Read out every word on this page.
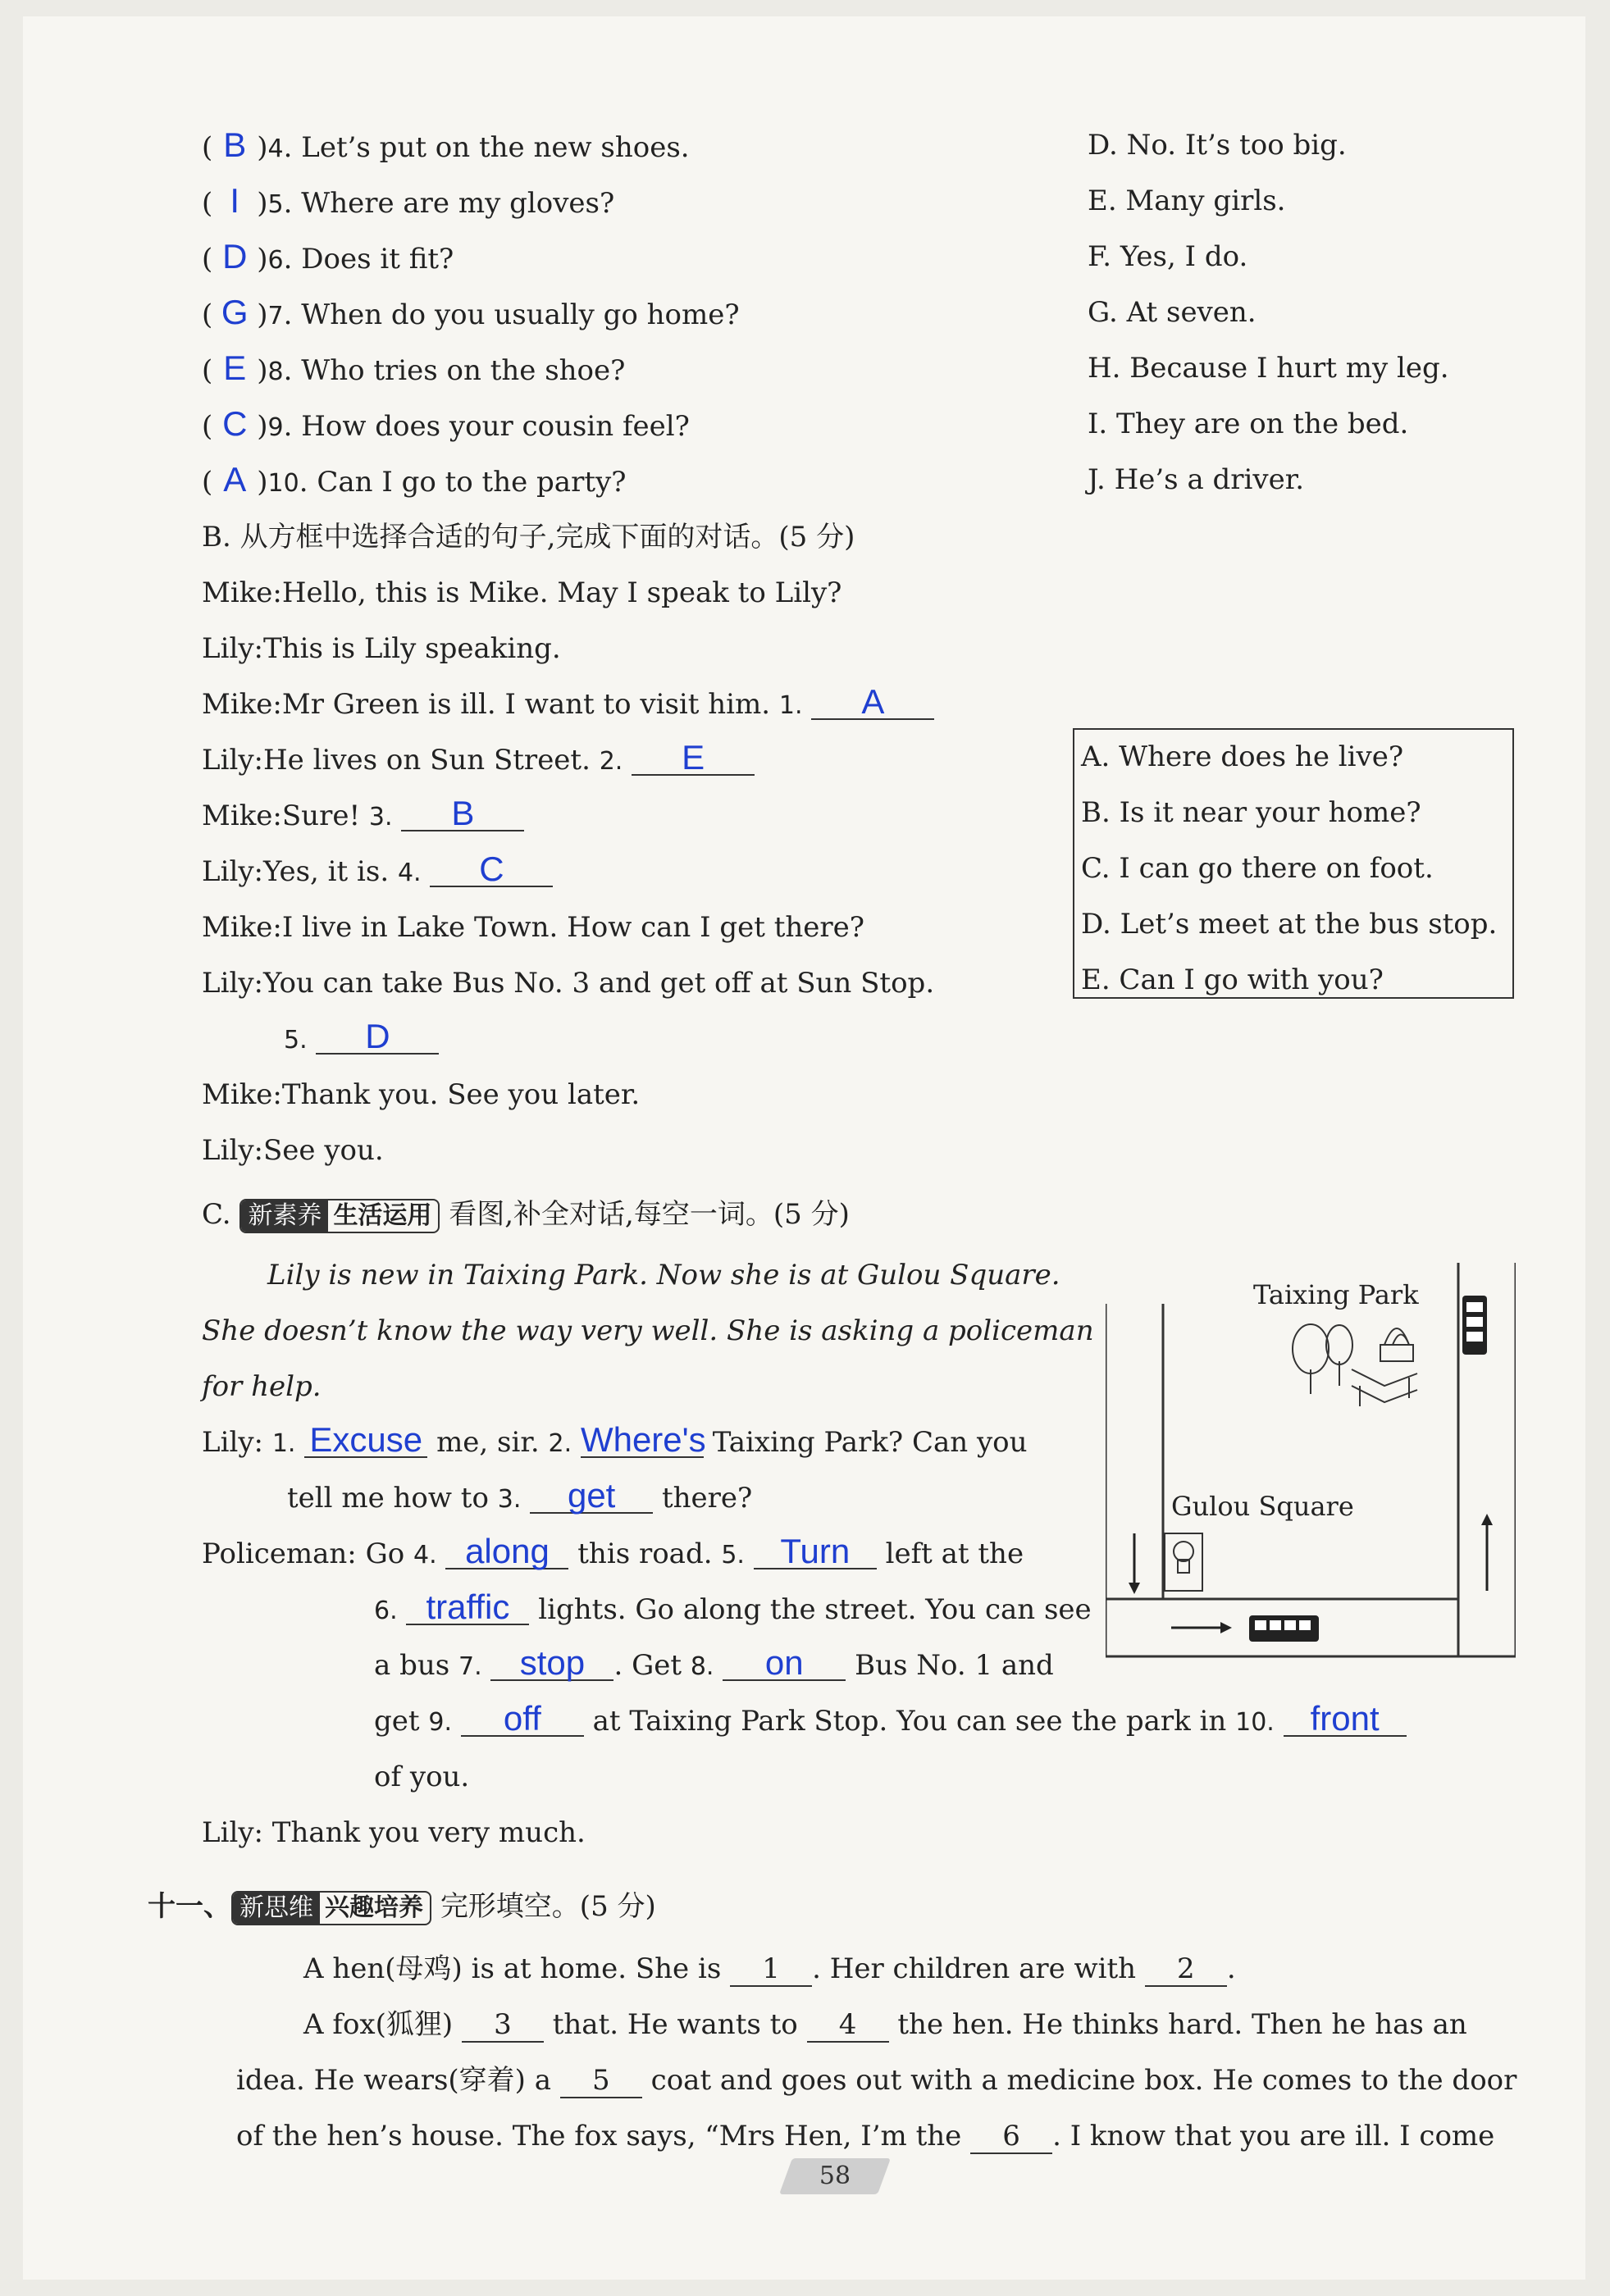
( B )4. Let’s put on the new shoes.	D. No. It’s too big.
( I )5. Where are my gloves?	E. Many girls.
( D )6. Does it fit?	F. Yes, I do.
( G )7. When do you usually go home?	G. At seven.
( E )8. Who tries on the shoe?	H. Because I hurt my leg.
( C )9. How does your cousin feel?	I. They are on the bed.
( A )10. Can I go to the party?	J. He’s a driver.
B. 从方框中选择合适的句子,完成下面的对话。(5 分)
Mike:Hello, this is Mike. May I speak to Lily?
Lily:This is Lily speaking.
Mike:Mr Green is ill. I want to visit him. 1. A
Lily:He lives on Sun Street. 2. E
Mike:Sure! 3. B
Lily:Yes, it is. 4. C
Mike:I live in Lake Town. How can I get there?
Lily:You can take Bus No. 3 and get off at Sun Stop.
5. D
Mike:Thank you. See you later.
Lily:See you.
A. Where does he live?
B. Is it near your home?
C. I can go there on foot.
D. Let’s meet at the bus stop.
E. Can I go with you?
C. 新素养 生活运用 看图,补全对话,每空一词。(5 分)
Lily is new in Taixing Park. Now she is at Gulou Square.
She doesn’t know the way very well. She is asking a policeman
for help.
Lily: 1. Excuse me, sir. 2. Where's Taixing Park? Can you
tell me how to 3. get there?
Policeman: Go 4. along this road. 5. Turn left at the
6. traffic lights. Go along the street. You can see
a bus 7. stop . Get 8. on Bus No. 1 and
get 9. off at Taixing Park Stop. You can see the park in 10. front
of you.
Lily: Thank you very much.
Taixing Park
Gulou Square
十一、 新思维 兴趣培养 完形填空。(5 分)
A hen(母鸡) is at home. She is 1 . Her children are with 2 .
A fox(狐狸) 3 that. He wants to 4 the hen. He thinks hard. Then he has an
idea. He wears(穿着) a 5 coat and goes out with a medicine box. He comes to the door
of the hen’s house. The fox says, “Mrs Hen, I’m the 6 . I know that you are ill. I come
58
